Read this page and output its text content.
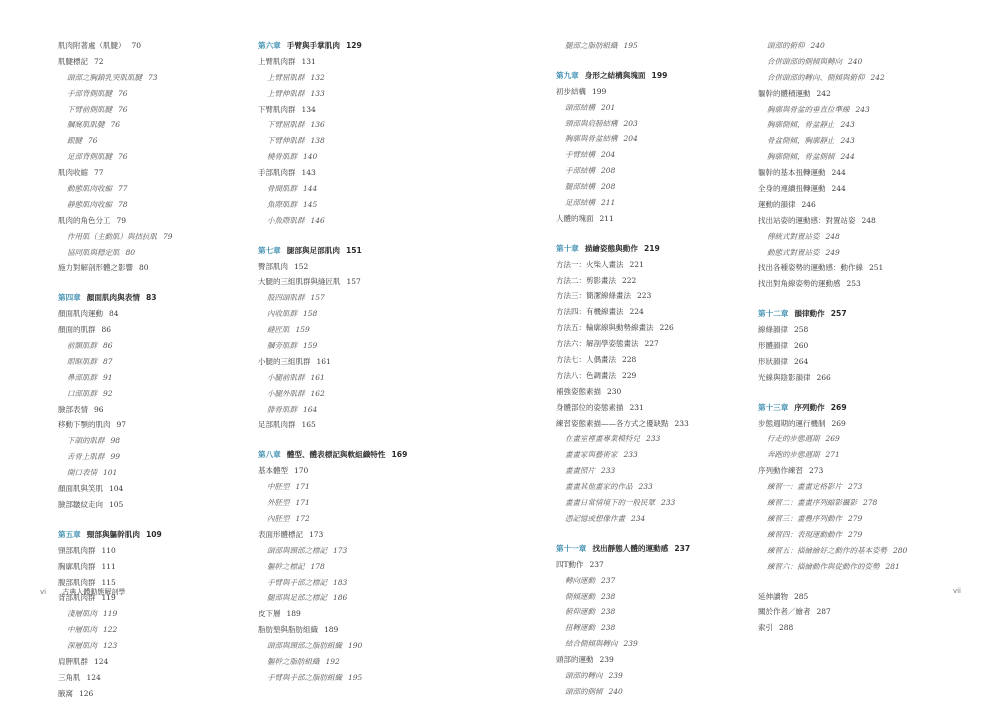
肌肉附著處（肌腱） 70
肌腱標記 72
頭部之胸鎖乳突肌肌腱 73
手部背側肌腱 76
下臂前側肌腱 76
膕窩肌肌腱 76
跟腱 76
足部背側肌腱 76
肌肉收縮 77
動態肌肉收縮 77
靜態肌肉收縮 78
肌肉的角色分工 79
作用肌（主動肌）與拮抗肌 79
協同肌與穩定肌 80
施力對解剖形體之影響 80
第四章 顏面肌肉與表情 83
顏面肌肉運動 84
顏面的肌群 86
前額肌群 86
眼眶肌群 87
鼻部肌群 91
口部肌群 92
臉部表情 96
移動下顎的肌肉 97
下頜的肌群 98
舌骨上肌群 99
開口表情 101
顏面肌與笑肌 104
臉部皺紋走向 105
第五章 頸部與軀幹肌肉 109
頸部肌肉群 110
胸廓肌肉群 111
腹部肌肉群 115
背部肌肉群 119
淺層肌肉 119
中層肌肉 122
深層肌肉 123
肩胛肌群 124
三角肌 124
腋窩 126
第六章 手臂與手掌肌肉 129
上臂肌肉群 131
上臂屈肌群 132
上臂伸肌群 133
下臂肌肉群 134
下臂屈肌群 136
下臂伸肌群 138
橈骨肌群 140
手部肌肉群 143
骨間肌群 144
魚際肌群 145
小魚際肌群 146
第七章 腿部與足部肌肉 151
臀部肌肉 152
大腿的三組肌群與縫匠肌 157
股四頭肌群 157
內收肌群 158
縫匠肌 159
膕旁肌群 159
小腿的三組肌群 161
小腿前肌群 161
小腿外肌群 162
腓骨肌群 164
足部肌肉群 165
第八章 體型、體表標記與軟組織特性 169
基本體型 170
中胚型 171
外胚型 171
內胚型 172
表面形體標記 173
頭部與頸部之標記 173
軀幹之標記 178
手臂與手部之標記 183
腿部與足部之標記 186
皮下層 189
脂肪墊與脂肪組織 189
頭部與頸部之脂肪組織 190
軀幹之脂肪組織 192
手臂與手部之脂肪組織 195
腿部之脂肪組織 195
第九章 身形之結構與塊面 199
初步結構 199
頭部結構 201
頸部與肩膀結構 203
胸廓與骨盆結構 204
手臂結構 204
手部結構 208
腿部結構 208
足部結構 211
人體的塊面 211
第十章 描繪姿態與動作 219
方法一：火柴人畫法 221
方法二：剪影畫法 222
方法三：簡潔線條畫法 223
方法四：有機線畫法 224
方法五：輪廓線與動勢線畫法 226
方法六：解剖學姿態畫法 227
方法七：人偶畫法 228
方法八：色調畫法 229
補強姿態素描 230
身體部位的姿態素描 231
練習姿態素描——各方式之優缺點 233
在畫室裡畫專業模特兒 233
畫畫家與藝術家 233
畫畫照片 233
畫畫其他畫家的作品 233
畫畫日常情境下的一般民眾 233
憑記憶或想像作畫 234
第十一章 找出靜態人體的運動感 237
四T動作 237
轉向運動 237
側傾運動 238
俯仰運動 238
扭轉運動 238
結合側傾與轉向 239
頭部的運動 239
頭部的轉向 239
頭部的側傾 240
頭部的俯仰 240
合併頭部的側傾與轉向 240
合併頭部的轉向、側傾與俯仰 242
軀幹的體積運動 242
胸廓與骨盆的垂直位準線 243
胸廓側傾，骨盆靜止 243
骨盆側傾，胸廓靜止 243
胸廓側傾，骨盆側傾 244
軀幹的基本扭轉運動 244
全身的連續扭轉運動 244
運動的韻律 246
找出站姿的運動感：對置站姿 248
傳統式對置站姿 248
動態式對置站姿 249
找出各種姿勢的運動感：動作線 251
找出對角線姿勢的運動感 253
第十二章 韻律動作 257
線條韻律 258
形體韻律 260
形狀韻律 264
光線與陰影韻律 266
第十三章 序列動作 269
步態週期的運行機制 269
行走的步態週期 269
奔跑的步態週期 271
序列動作練習 273
練習一：畫畫定格影片 273
練習二：畫畫序列縮影攝影 278
練習三：畫疊序列動作 279
練習四：表現運動動作 279
練習五：描繪繪好之動作的基本姿勢 280
練習六：描繪動作與從動作的姿勢 281
延伸讀物 285
關於作者／繪者 287
索引 288
vi 古典人體動態解剖學	vii
